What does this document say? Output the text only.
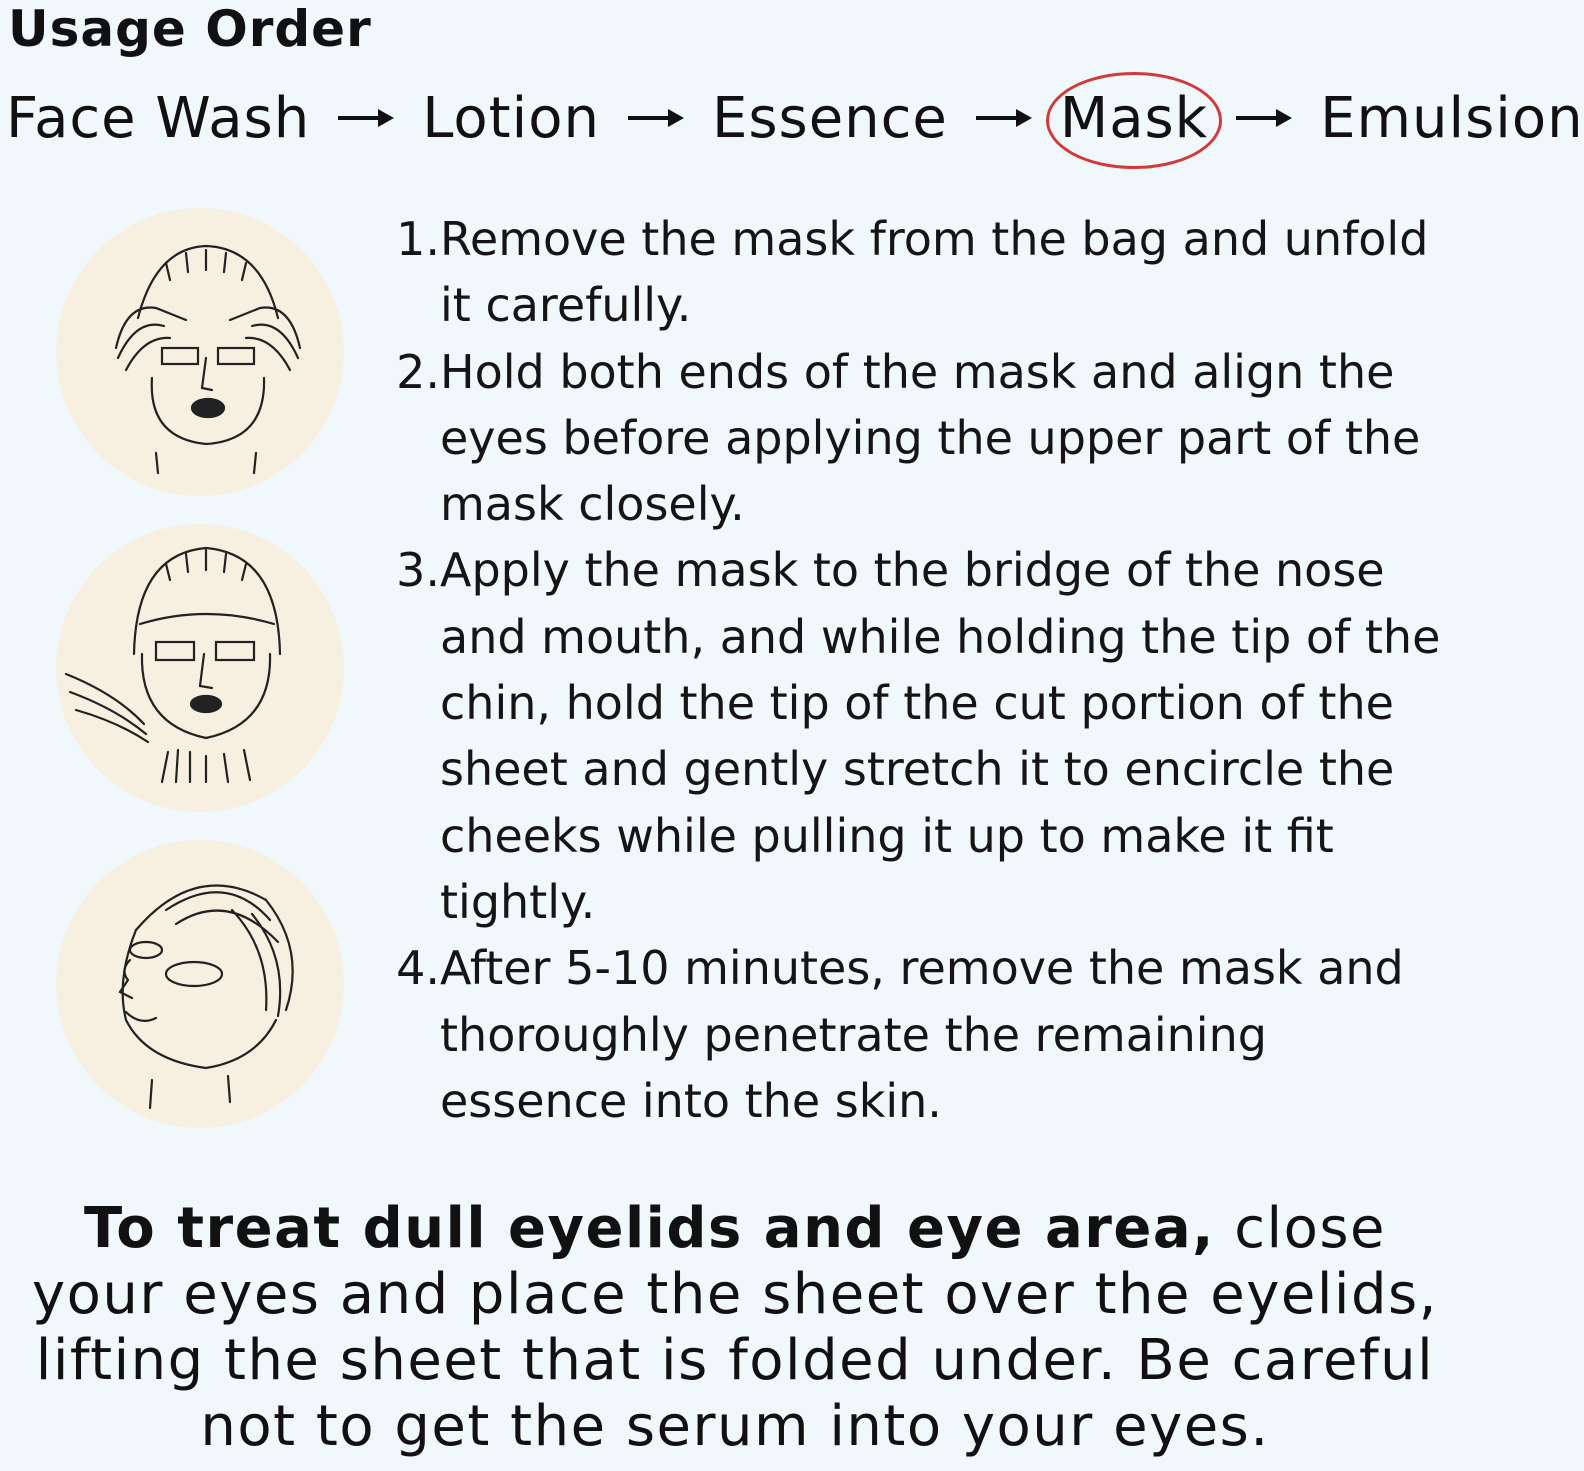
Usage Order
Face Wash Lotion Essence Mask Emulsion
1. Remove the mask from the bag and unfold it carefully.
2. Hold both ends of the mask and align the eyes before applying the upper part of the mask closely.
3. Apply the mask to the bridge of the nose and mouth, and while holding the tip of the chin, hold the tip of the cut portion of the sheet and gently stretch it to encircle the cheeks while pulling it up to make it fit tightly.
4. After 5-10 minutes, remove the mask and thoroughly penetrate the remaining essence into the skin.
To treat dull eyelids and eye area, close your eyes and place the sheet over the eyelids, lifting the sheet that is folded under. Be careful not to get the serum into your eyes.
